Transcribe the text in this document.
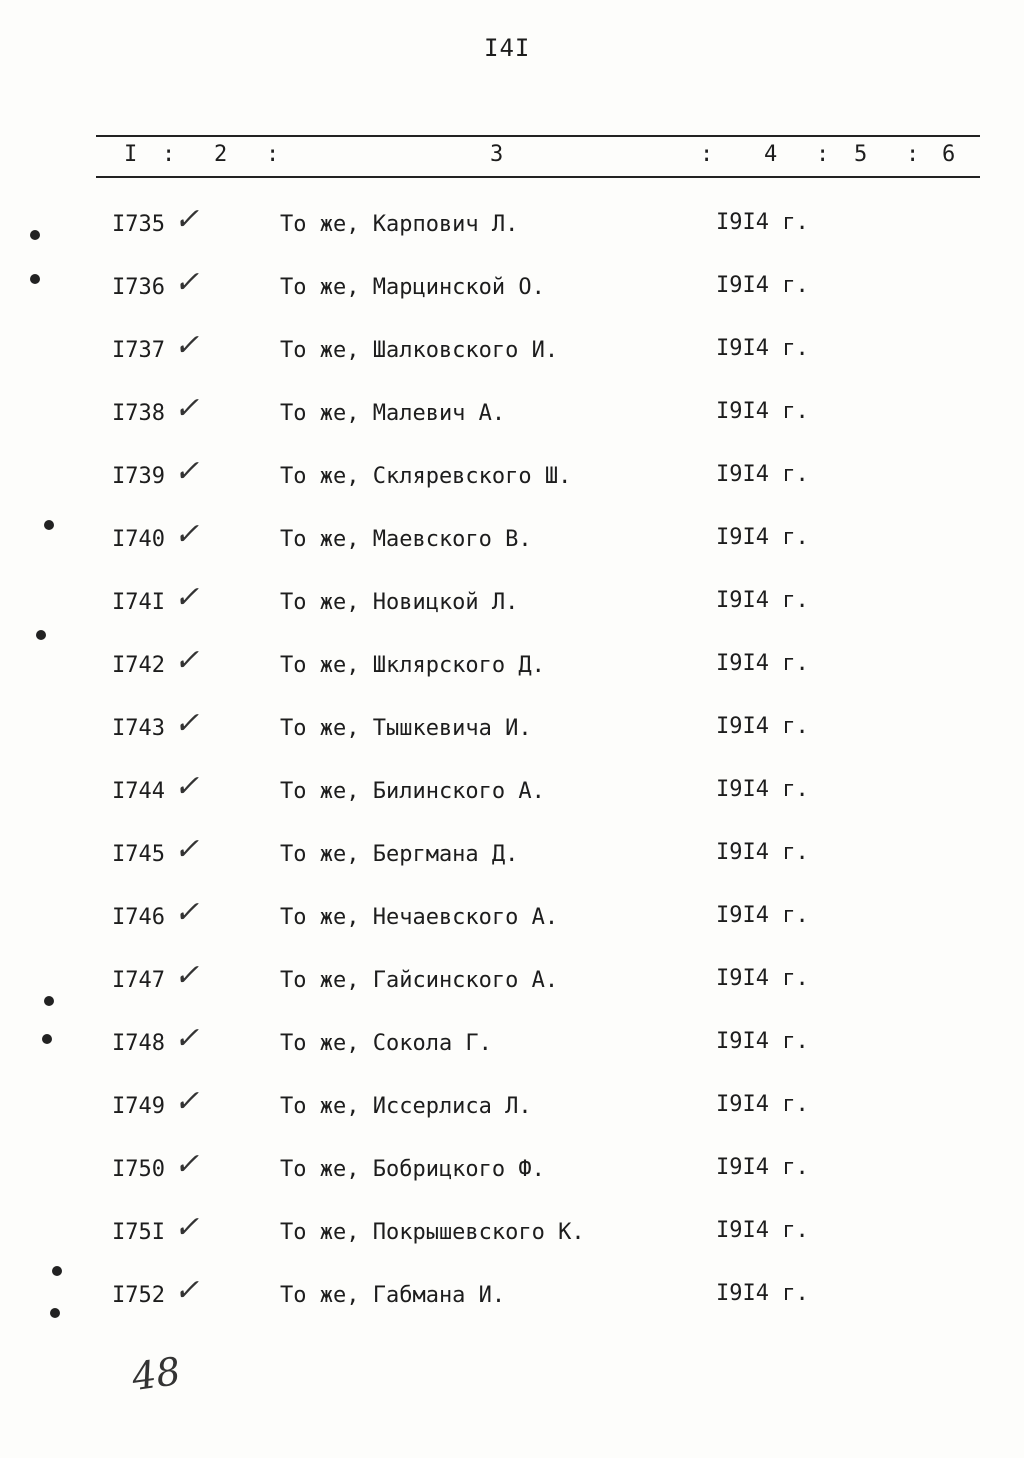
I4I
I : 2 :	3	: 4 : 5 : 6
I735 ✓	То же, Карпович Л.	I9I4 г.
I736 ✓	То же, Марцинской О.	I9I4 г.
I737 ✓	То же, Шалковского И.	I9I4 г.
I738 ✓	То же, Малевич А.	I9I4 г.
I739 ✓	То же, Скляревского Ш.	I9I4 г.
I740 ✓	То же, Маевского В.	I9I4 г.
I74I ✓	То же, Новицкой Л.	I9I4 г.
I742 ✓	То же, Шклярского Д.	I9I4 г.
I743 ✓	То же, Тышкевича И.	I9I4 г.
I744 ✓	То же, Билинского А.	I9I4 г.
I745 ✓	То же, Бергмана Д.	I9I4 г.
I746 ✓	То же, Нечаевского А.	I9I4 г.
I747 ✓	То же, Гайсинского А.	I9I4 г.
I748 ✓	То же, Сокола Г.	I9I4 г.
I749 ✓	То же, Иссерлиса Л.	I9I4 г.
I750 ✓	То же, Бобрицкого Ф.	I9I4 г.
I75I ✓	То же, Покрышевского К.	I9I4 г.
I752 ✓	То же, Габмана И.	I9I4 г.
48
